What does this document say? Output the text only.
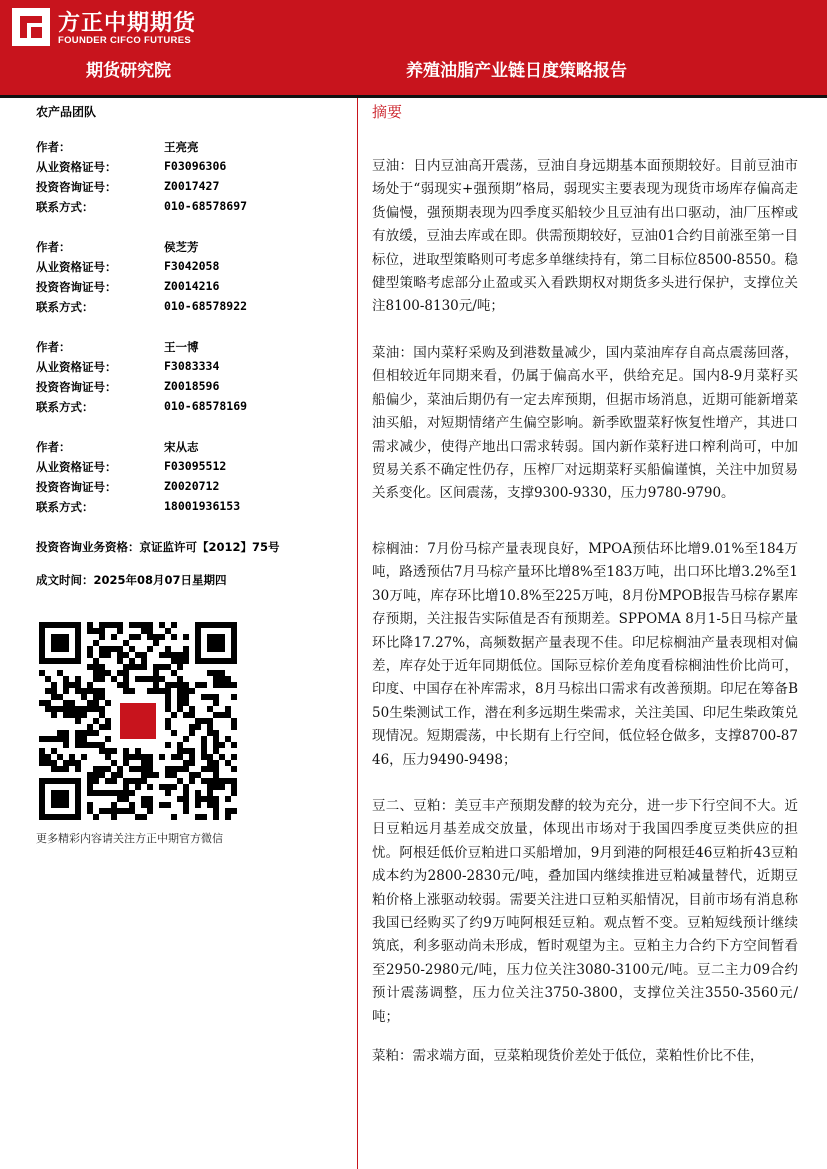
方正中期期货
FOUNDER CIFCO FUTURES
期货研究院	养殖油脂产业链日度策略报告
农产品团队
作者：	王亮亮
从业资格证号：	F03096306
投资咨询证号：	Z0017427
联系方式：	010-68578697
作者：	侯芝芳
从业资格证号：	F3042058
投资咨询证号：	Z0014216
联系方式：	010-68578922
作者：	王一博
从业资格证号：	F3083334
投资咨询证号：	Z0018596
联系方式：	010-68578169
作者：	宋从志
从业资格证号：	F03095512
投资咨询证号：	Z0020712
联系方式：	18001936153
投资咨询业务资格：京证监许可【2012】75号
成文时间：2025年08月07日星期四
更多精彩内容请关注方正中期官方微信
摘要

豆油：日内豆油高开震荡，豆油自身远期基本面预期较好。目前豆油市场处于“弱现实+强预期”格局，弱现实主要表现为现货市场库存偏高走货偏慢，强预期表现为四季度买船较少且豆油有出口驱动，油厂压榨或有放缓，豆油去库或在即。供需预期较好，豆油01合约目前涨至第一目标位，进取型策略则可考虑多单继续持有，第二目标位8500-8550。稳健型策略考虑部分止盈或买入看跌期权对期货多头进行保护，支撑位关注8100-8130元/吨；

菜油：国内菜籽采购及到港数量减少，国内菜油库存自高点震荡回落，但相较近年同期来看，仍属于偏高水平，供给充足。国内8-9月菜籽买船偏少，菜油后期仍有一定去库预期，但据市场消息，近期可能新增菜油买船，对短期情绪产生偏空影响。新季欧盟菜籽恢复性增产，其进口需求减少，使得产地出口需求转弱。国内新作菜籽进口榨利尚可，中加贸易关系不确定性仍存，压榨厂对远期菜籽买船偏谨慎，关注中加贸易关系变化。区间震荡，支撑9300-9330，压力9780-9790。

棕榈油：7月份马棕产量表现良好，MPOA预估环比增9.01%至184万吨，路透预估7月马棕产量环比增8%至183万吨，出口环比增3.2%至130万吨，库存环比增10.8%至225万吨，8月份MPOB报告马棕存累库存预期，关注报告实际值是否有预期差。SPPOMA 8月1-5日马棕产量环比降17.27%，高频数据产量表现不佳。印尼棕榈油产量表现相对偏差，库存处于近年同期低位。国际豆棕价差角度看棕榈油性价比尚可，印度、中国存在补库需求，8月马棕出口需求有改善预期。印尼在筹备B50生柴测试工作，潜在利多远期生柴需求，关注美国、印尼生柴政策兑现情况。短期震荡，中长期有上行空间，低位轻仓做多，支撑8700-8746，压力9490-9498；

豆二、豆粕：美豆丰产预期发酵的较为充分，进一步下行空间不大。近日豆粕远月基差成交放量，体现出市场对于我国四季度豆类供应的担忧。阿根廷低价豆粕进口买船增加，9月到港的阿根廷46豆粕折43豆粕成本约为2800-2830元/吨，叠加国内继续推进豆粕减量替代，近期豆粕价格上涨驱动较弱。需要关注进口豆粕买船情况，目前市场有消息称我国已经购买了约9万吨阿根廷豆粕。观点暂不变。豆粕短线预计继续筑底，利多驱动尚未形成，暂时观望为主。豆粕主力合约下方空间暂看至2950-2980元/吨，压力位关注3080-3100元/吨。豆二主力09合约预计震荡调整，压力位关注3750-3800，支撑位关注3550-3560元/吨；

菜粕：需求端方面，豆菜粕现货价差处于低位，菜粕性价比不佳，
